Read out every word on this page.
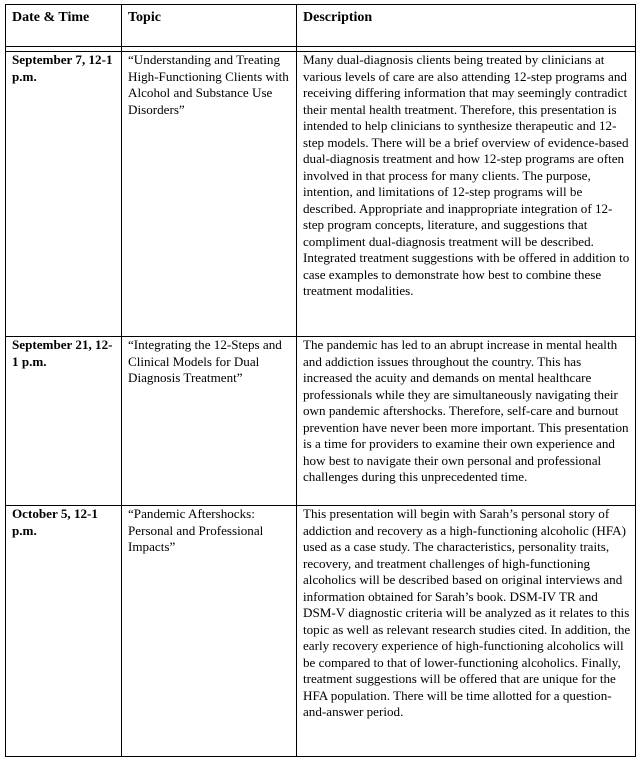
Date & Time	Topic	Description

September 7, 12-1 p.m.	“Understanding and Treating High-Functioning Clients with Alcohol and Substance Use Disorders”	Many dual-diagnosis clients being treated by clinicians at various levels of care are also attending 12-step programs and receiving differing information that may seemingly contradict their mental health treatment. Therefore, this presentation is intended to help clinicians to synthesize therapeutic and 12-step models. There will be a brief overview of evidence-based dual-diagnosis treatment and how 12-step programs are often involved in that process for many clients. The purpose, intention, and limitations of 12-step programs will be described. Appropriate and inappropriate integration of 12-step program concepts, literature, and suggestions that compliment dual-diagnosis treatment will be described. Integrated treatment suggestions with be offered in addition to case examples to demonstrate how best to combine these treatment modalities.
September 21, 12-1 p.m.	“Integrating the 12-Steps and Clinical Models for Dual Diagnosis Treatment”	The pandemic has led to an abrupt increase in mental health and addiction issues throughout the country. This has increased the acuity and demands on mental healthcare professionals while they are simultaneously navigating their own pandemic aftershocks. Therefore, self-care and burnout prevention have never been more important. This presentation is a time for providers to examine their own experience and how best to navigate their own personal and professional challenges during this unprecedented time.
October 5, 12-1 p.m.	“Pandemic Aftershocks: Personal and Professional Impacts”	This presentation will begin with Sarah’s personal story of addiction and recovery as a high-functioning alcoholic (HFA) used as a case study. The characteristics, personality traits, recovery, and treatment challenges of high-functioning alcoholics will be described based on original interviews and information obtained for Sarah’s book. DSM-IV TR and DSM-V diagnostic criteria will be analyzed as it relates to this topic as well as relevant research studies cited. In addition, the early recovery experience of high-functioning alcoholics will be compared to that of lower-functioning alcoholics. Finally, treatment suggestions will be offered that are unique for the HFA population. There will be time allotted for a question-and-answer period.
